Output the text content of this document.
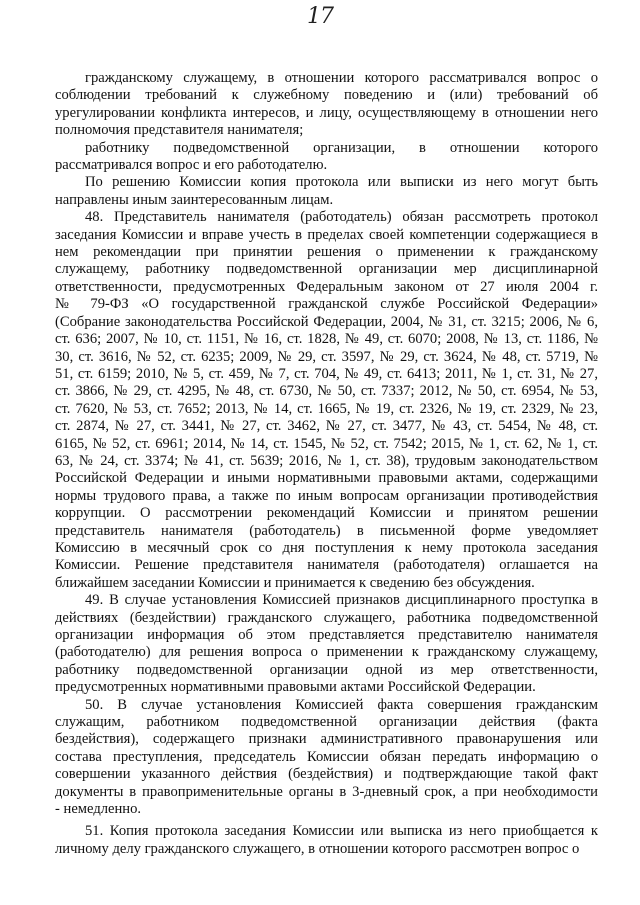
17
гражданскому служащему, в отношении которого рассматривался вопрос о
соблюдении требований к служебному поведению и (или) требований об
урегулировании конфликта интересов, и лицу, осуществляющему в отношении него
полномочия представителя нанимателя;
работнику подведомственной организации, в отношении которого
рассматривался вопрос и его работодателю.
По решению Комиссии копия протокола или выписки из него могут быть
направлены иным заинтересованным лицам.
48. Представитель нанимателя (работодатель) обязан рассмотреть протокол
заседания Комиссии и вправе учесть в пределах своей компетенции содержащиеся в
нем рекомендации при принятии решения о применении к гражданскому
служащему, работнику подведомственной организации мер дисциплинарной
ответственности, предусмотренных Федеральным законом от 27 июля 2004 г.
№ 79-ФЗ «О государственной гражданской службе Российской Федерации»
(Собрание законодательства Российской Федерации, 2004, № 31, ст. 3215; 2006, № 6,
ст. 636; 2007, № 10, ст. 1151, № 16, ст. 1828, № 49, ст. 6070; 2008, № 13, ст. 1186, №
30, ст. 3616, № 52, ст. 6235; 2009, № 29, ст. 3597, № 29, ст. 3624, № 48, ст. 5719, №
51, ст. 6159; 2010, № 5, ст. 459, № 7, ст. 704, № 49, ст. 6413; 2011, № 1, ст. 31, № 27,
ст. 3866, № 29, ст. 4295, № 48, ст. 6730, № 50, ст. 7337; 2012, № 50, ст. 6954, № 53,
ст. 7620, № 53, ст. 7652; 2013, № 14, ст. 1665, № 19, ст. 2326, № 19, ст. 2329, № 23,
ст. 2874, № 27, ст. 3441, № 27, ст. 3462, № 27, ст. 3477, № 43, ст. 5454, № 48, ст.
6165, № 52, ст. 6961; 2014, № 14, ст. 1545, № 52, ст. 7542; 2015, № 1, ст. 62, № 1, ст.
63, № 24, ст. 3374; № 41, ст. 5639; 2016, № 1, ст. 38), трудовым законодательством
Российской Федерации и иными нормативными правовыми актами, содержащими
нормы трудового права, а также по иным вопросам организации противодействия
коррупции. О рассмотрении рекомендаций Комиссии и принятом решении
представитель нанимателя (работодатель) в письменной форме уведомляет
Комиссию в месячный срок со дня поступления к нему протокола заседания
Комиссии. Решение представителя нанимателя (работодателя) оглашается на
ближайшем заседании Комиссии и принимается к сведению без обсуждения.
49. В случае установления Комиссией признаков дисциплинарного проступка в
действиях (бездействии) гражданского служащего, работника подведомственной
организации информация об этом представляется представителю нанимателя
(работодателю) для решения вопроса о применении к гражданскому служащему,
работнику подведомственной организации одной из мер ответственности,
предусмотренных нормативными правовыми актами Российской Федерации.
50. В случае установления Комиссией факта совершения гражданским
служащим, работником подведомственной организации действия (факта
бездействия), содержащего признаки административного правонарушения или
состава преступления, председатель Комиссии обязан передать информацию о
совершении указанного действия (бездействия) и подтверждающие такой факт
документы в правоприменительные органы в 3-дневный срок, а при необходимости
- немедленно.
51. Копия протокола заседания Комиссии или выписка из него приобщается к
личному делу гражданского служащего, в отношении которого рассмотрен вопрос о
